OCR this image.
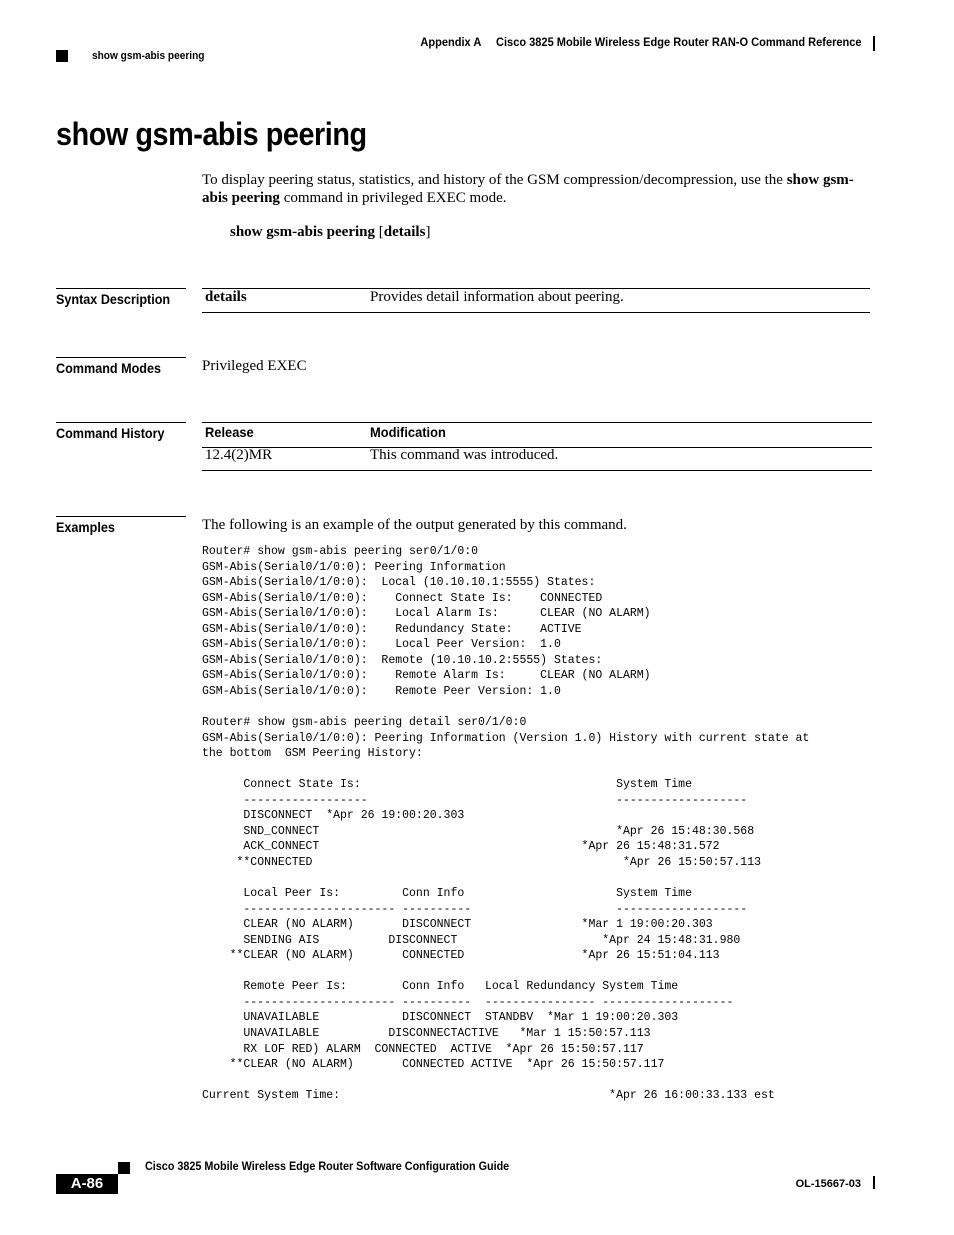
Appendix A Cisco 3825 Mobile Wireless Edge Router RAN-O Command Reference
show gsm-abis peering
show gsm-abis peering

To display peering status, statistics, and history of the GSM compression/decompression, use the show gsm-abis peering command in privileged EXEC mode.

show gsm-abis peering [details]
Syntax Description	details	Provides detail information about peering.
Command Modes	Privileged EXEC
Command History	Release	Modification
12.4(2)MR	This command was introduced.
Examples	The following is an example of the output generated by this command.
Router# show gsm-abis peering ser0/1/0:0
GSM-Abis(Serial0/1/0:0): Peering Information
GSM-Abis(Serial0/1/0:0):  Local (10.10.10.1:5555) States:
GSM-Abis(Serial0/1/0:0):    Connect State Is:    CONNECTED
GSM-Abis(Serial0/1/0:0):    Local Alarm Is:      CLEAR (NO ALARM)
GSM-Abis(Serial0/1/0:0):    Redundancy State:    ACTIVE
GSM-Abis(Serial0/1/0:0):    Local Peer Version:  1.0
GSM-Abis(Serial0/1/0:0):  Remote (10.10.10.2:5555) States:
GSM-Abis(Serial0/1/0:0):    Remote Alarm Is:     CLEAR (NO ALARM)
GSM-Abis(Serial0/1/0:0):    Remote Peer Version: 1.0

Router# show gsm-abis peering detail ser0/1/0:0
GSM-Abis(Serial0/1/0:0): Peering Information (Version 1.0) History with current state at
the bottom  GSM Peering History:

Connect State Is:                                     System Time
------------------                                    -------------------
DISCONNECT  *Apr 26 19:00:20.303
SND_CONNECT                                           *Apr 26 15:48:30.568
ACK_CONNECT                                      *Apr 26 15:48:31.572
**CONNECTED                                             *Apr 26 15:50:57.113

Local Peer Is:         Conn Info                      System Time
---------------------- ----------                     -------------------
CLEAR (NO ALARM)       DISCONNECT                *Mar 1 19:00:20.303
SENDING AIS          DISCONNECT                     *Apr 24 15:48:31.980
**CLEAR (NO ALARM)       CONNECTED                 *Apr 26 15:51:04.113

Remote Peer Is:        Conn Info   Local Redundancy System Time
---------------------- ----------  ---------------- -------------------
UNAVAILABLE            DISCONNECT  STANDBV  *Mar 1 19:00:20.303
UNAVAILABLE          DISCONNECTACTIVE   *Mar 1 15:50:57.113
RX LOF RED) ALARM  CONNECTED  ACTIVE  *Apr 26 15:50:57.117
**CLEAR (NO ALARM)       CONNECTED ACTIVE  *Apr 26 15:50:57.117

Current System Time:                                       *Apr 26 16:00:33.133 est
Cisco 3825 Mobile Wireless Edge Router Software Configuration Guide
A-86	OL-15667-03
